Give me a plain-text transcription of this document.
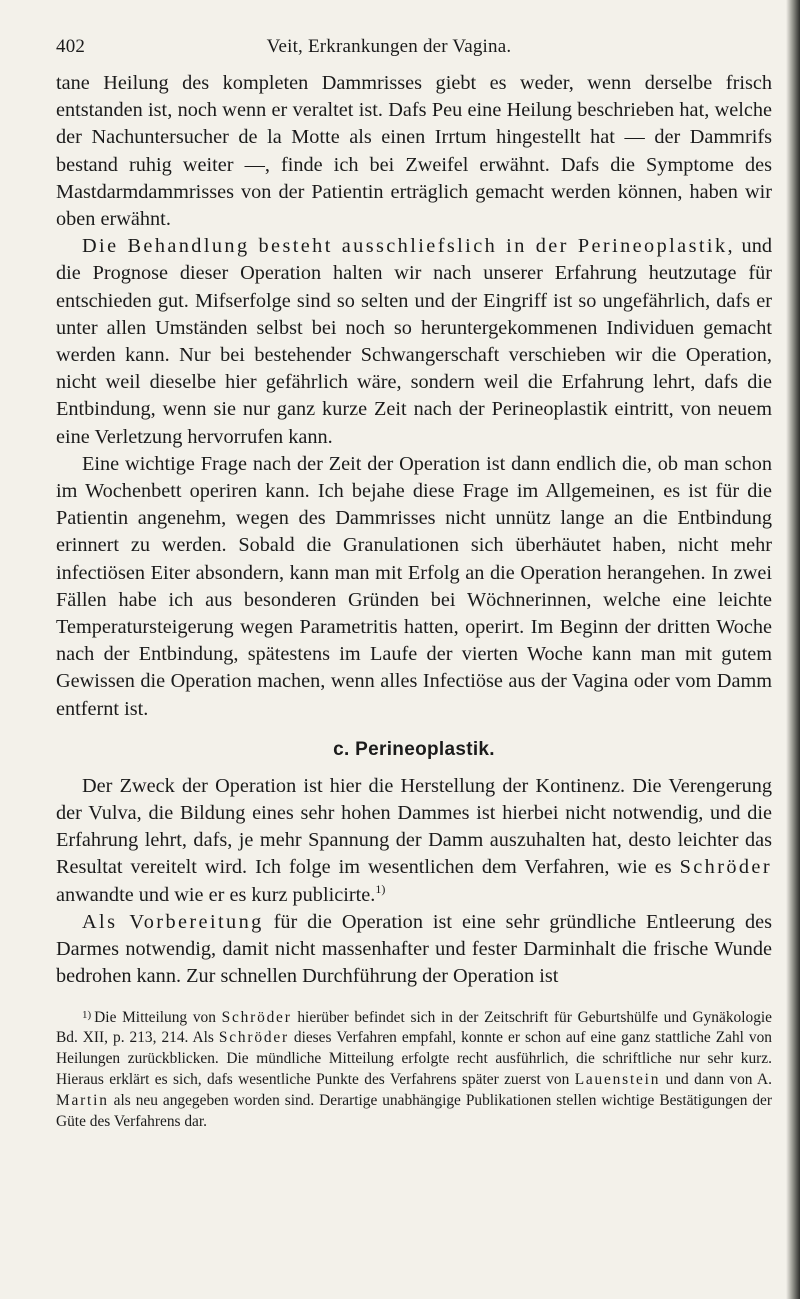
402	Veit, Erkrankungen der Vagina.

tane Heilung des kompleten Dammrisses giebt es weder, wenn derselbe frisch entstanden ist, noch wenn er veraltet ist. Dafs Peu eine Heilung beschrieben hat, welche der Nachuntersucher de la Motte als einen Irrtum hingestellt hat — der Dammrifs bestand ruhig weiter —, finde ich bei Zweifel erwähnt. Dafs die Symptome des Mastdarmdammrisses von der Patientin erträglich gemacht werden können, haben wir oben erwähnt.

Die Behandlung besteht ausschliefslich in der Perineoplastik, und die Prognose dieser Operation halten wir nach unserer Erfahrung heutzutage für entschieden gut. Mifserfolge sind so selten und der Eingriff ist so ungefährlich, dafs er unter allen Umständen selbst bei noch so heruntergekommenen Individuen gemacht werden kann. Nur bei bestehender Schwangerschaft verschieben wir die Operation, nicht weil dieselbe hier gefährlich wäre, sondern weil die Erfahrung lehrt, dafs die Entbindung, wenn sie nur ganz kurze Zeit nach der Perineoplastik eintritt, von neuem eine Verletzung hervorrufen kann.

Eine wichtige Frage nach der Zeit der Operation ist dann endlich die, ob man schon im Wochenbett operiren kann. Ich bejahe diese Frage im Allgemeinen, es ist für die Patientin angenehm, wegen des Dammrisses nicht unnütz lange an die Entbindung erinnert zu werden. Sobald die Granulationen sich überhäutet haben, nicht mehr infectiösen Eiter absondern, kann man mit Erfolg an die Operation herangehen. In zwei Fällen habe ich aus besonderen Gründen bei Wöchnerinnen, welche eine leichte Temperatursteigerung wegen Parametritis hatten, operirt. Im Beginn der dritten Woche nach der Entbindung, spätestens im Laufe der vierten Woche kann man mit gutem Gewissen die Operation machen, wenn alles Infectiöse aus der Vagina oder vom Damm entfernt ist.

c. Perineoplastik.

Der Zweck der Operation ist hier die Herstellung der Kontinenz. Die Verengerung der Vulva, die Bildung eines sehr hohen Dammes ist hierbei nicht notwendig, und die Erfahrung lehrt, dafs, je mehr Spannung der Damm auszuhalten hat, desto leichter das Resultat vereitelt wird. Ich folge im wesentlichen dem Verfahren, wie es Schröder anwandte und wie er es kurz publicirte.$^{1)}$

Als Vorbereitung für die Operation ist eine sehr gründliche Entleerung des Darmes notwendig, damit nicht massenhafter und fester Darminhalt die frische Wunde bedrohen kann. Zur schnellen Durchführung der Operation ist

$^{1)}$ Die Mitteilung von Schröder hierüber befindet sich in der Zeitschrift für Geburtshülfe und Gynäkologie Bd. XII, p. 213, 214. Als Schröder dieses Verfahren empfahl, konnte er schon auf eine ganz stattliche Zahl von Heilungen zurückblicken. Die mündliche Mitteilung erfolgte recht ausführlich, die schriftliche nur sehr kurz. Hieraus erklärt es sich, dafs wesentliche Punkte des Verfahrens später zuerst von Lauenstein und dann von A. Martin als neu angegeben worden sind. Derartige unabhängige Publikationen stellen wichtige Bestätigungen der Güte des Verfahrens dar.
